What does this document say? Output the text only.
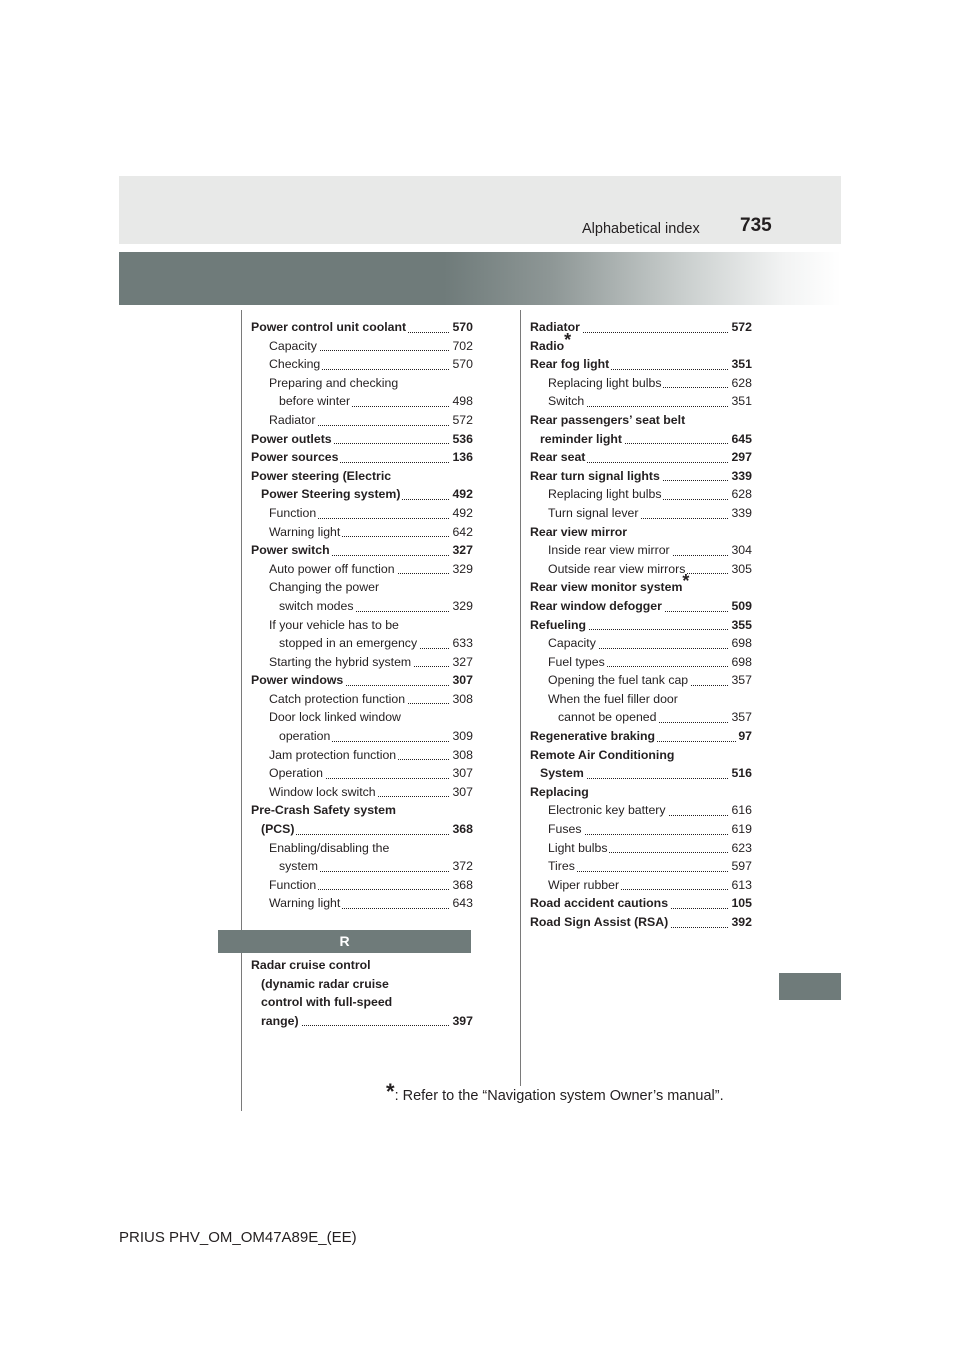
Alphabetical index 735
Power control unit coolant	570
Capacity	702
Checking	570
Preparing and checking
before winter	498
Radiator	572
Power outlets	536
Power sources	136
Power steering (Electric
Power Steering system)	492
Function	492
Warning light	642
Power switch	327
Auto power off function	329
Changing the power
switch modes	329
If your vehicle has to be
stopped in an emergency	633
Starting the hybrid system	327
Power windows	307
Catch protection function	308
Door lock linked window
operation	309
Jam protection function	308
Operation	307
Window lock switch	307
Pre-Crash Safety system
(PCS)	368
Enabling/disabling the
system	372
Function	368
Warning light	643
Radiator	572
Radio*
Rear fog light	351
Replacing light bulbs	628
Switch	351
Rear passengers’ seat belt
reminder light	645
Rear seat	297
Rear turn signal lights	339
Replacing light bulbs	628
Turn signal lever	339
Rear view mirror
Inside rear view mirror	304
Outside rear view mirrors	305
Rear view monitor system*
Rear window defogger	509
Refueling	355
Capacity	698
Fuel types	698
Opening the fuel tank cap	357
When the fuel filler door
cannot be opened	357
Regenerative braking	97
Remote Air Conditioning
System	516
Replacing
Electronic key battery	616
Fuses	619
Light bulbs	623
Tires	597
Wiper rubber	613
Road accident cautions	105
Road Sign Assist (RSA)	392
R
Radar cruise control
(dynamic radar cruise
control with full-speed
range)	397
*: Refer to the “Navigation system Owner’s manual”.
PRIUS PHV_OM_OM47A89E_(EE)
